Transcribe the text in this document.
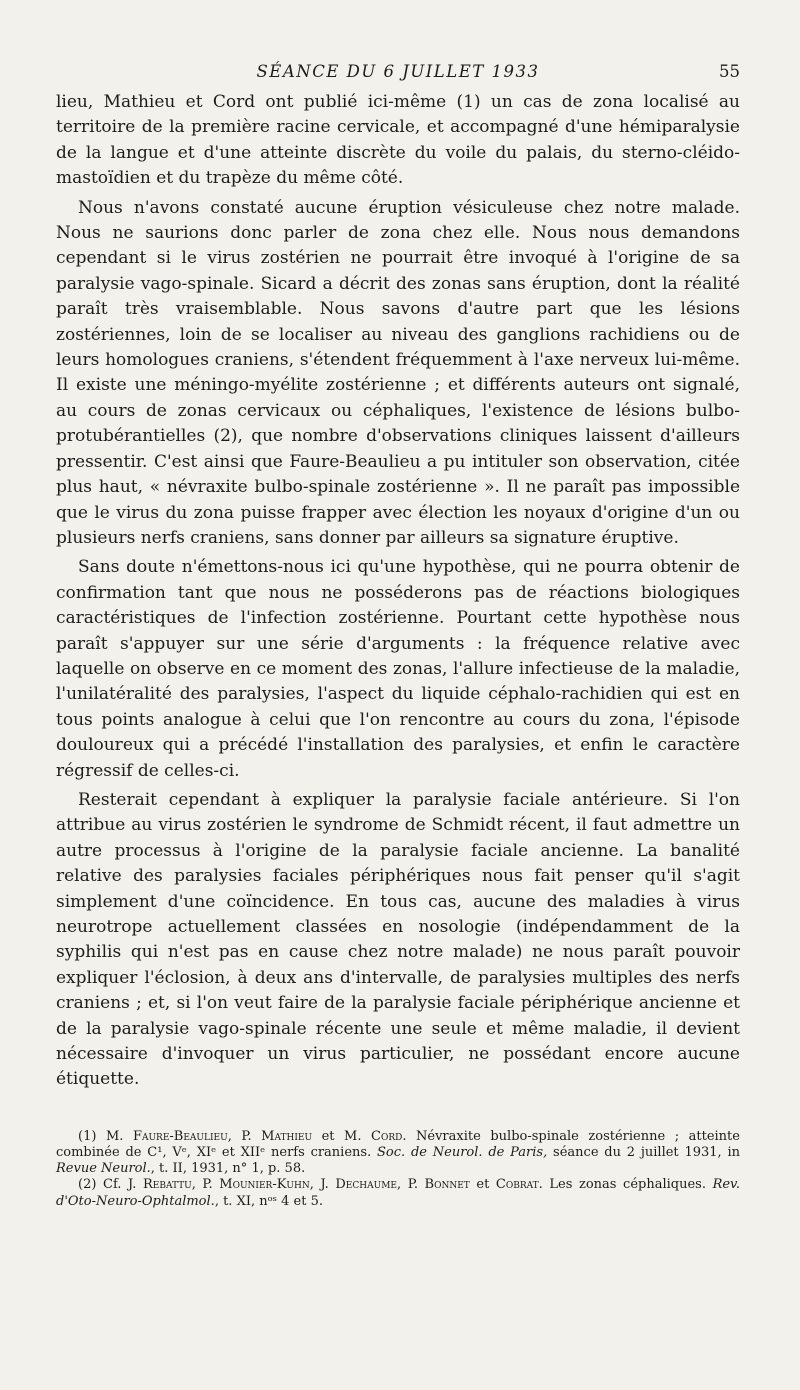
SÉANCE DU 6 JUILLET 1933	55

lieu, Mathieu et Cord ont publié ici-même (1) un cas de zona localisé au territoire de la première racine cervicale, et accompagné d'une hémiparalysie de la langue et d'une atteinte discrète du voile du palais, du sterno-cléido-mastoïdien et du trapèze du même côté.

Nous n'avons constaté aucune éruption vésiculeuse chez notre malade. Nous ne saurions donc parler de zona chez elle. Nous nous demandons cependant si le virus zostérien ne pourrait être invoqué à l'origine de sa paralysie vago-spinale. Sicard a décrit des zonas sans éruption, dont la réalité paraît très vraisemblable. Nous savons d'autre part que les lésions zostériennes, loin de se localiser au niveau des ganglions rachidiens ou de leurs homologues craniens, s'étendent fréquemment à l'axe nerveux lui-même. Il existe une méningo-myélite zostérienne ; et différents auteurs ont signalé, au cours de zonas cervicaux ou céphaliques, l'existence de lésions bulbo-protubérantielles (2), que nombre d'observations cliniques laissent d'ailleurs pressentir. C'est ainsi que Faure-Beaulieu a pu intituler son observation, citée plus haut, « névraxite bulbo-spinale zostérienne ». Il ne paraît pas impossible que le virus du zona puisse frapper avec élection les noyaux d'origine d'un ou plusieurs nerfs craniens, sans donner par ailleurs sa signature éruptive.

Sans doute n'émettons-nous ici qu'une hypothèse, qui ne pourra obtenir de confirmation tant que nous ne posséderons pas de réactions biologiques caractéristiques de l'infection zostérienne. Pourtant cette hypothèse nous paraît s'appuyer sur une série d'arguments : la fréquence relative avec laquelle on observe en ce moment des zonas, l'allure infectieuse de la maladie, l'unilatéralité des paralysies, l'aspect du liquide céphalo-rachidien qui est en tous points analogue à celui que l'on rencontre au cours du zona, l'épisode douloureux qui a précédé l'installation des paralysies, et enfin le caractère régressif de celles-ci.

Resterait cependant à expliquer la paralysie faciale antérieure. Si l'on attribue au virus zostérien le syndrome de Schmidt récent, il faut admettre un autre processus à l'origine de la paralysie faciale ancienne. La banalité relative des paralysies faciales périphériques nous fait penser qu'il s'agit simplement d'une coïncidence. En tous cas, aucune des maladies à virus neurotrope actuellement classées en nosologie (indépendamment de la syphilis qui n'est pas en cause chez notre malade) ne nous paraît pouvoir expliquer l'éclosion, à deux ans d'intervalle, de paralysies multiples des nerfs craniens ; et, si l'on veut faire de la paralysie faciale périphérique ancienne et de la paralysie vago-spinale récente une seule et même maladie, il devient nécessaire d'invoquer un virus particulier, ne possédant encore aucune étiquette.

(1) M. Faure-Beaulieu, P. Mathieu et M. Cord. Névraxite bulbo-spinale zostérienne ; atteinte combinée de C¹, Vᵉ, XIᵉ et XIIᵉ nerfs craniens. Soc. de Neurol. de Paris, séance du 2 juillet 1931, in Revue Neurol., t. II, 1931, n° 1, p. 58.

(2) Cf. J. Rebattu, P. Mounier-Kuhn, J. Dechaume, P. Bonnet et Cobrat. Les zonas céphaliques. Rev. d'Oto-Neuro-Ophtalmol., t. XI, nᵒˢ 4 et 5.
